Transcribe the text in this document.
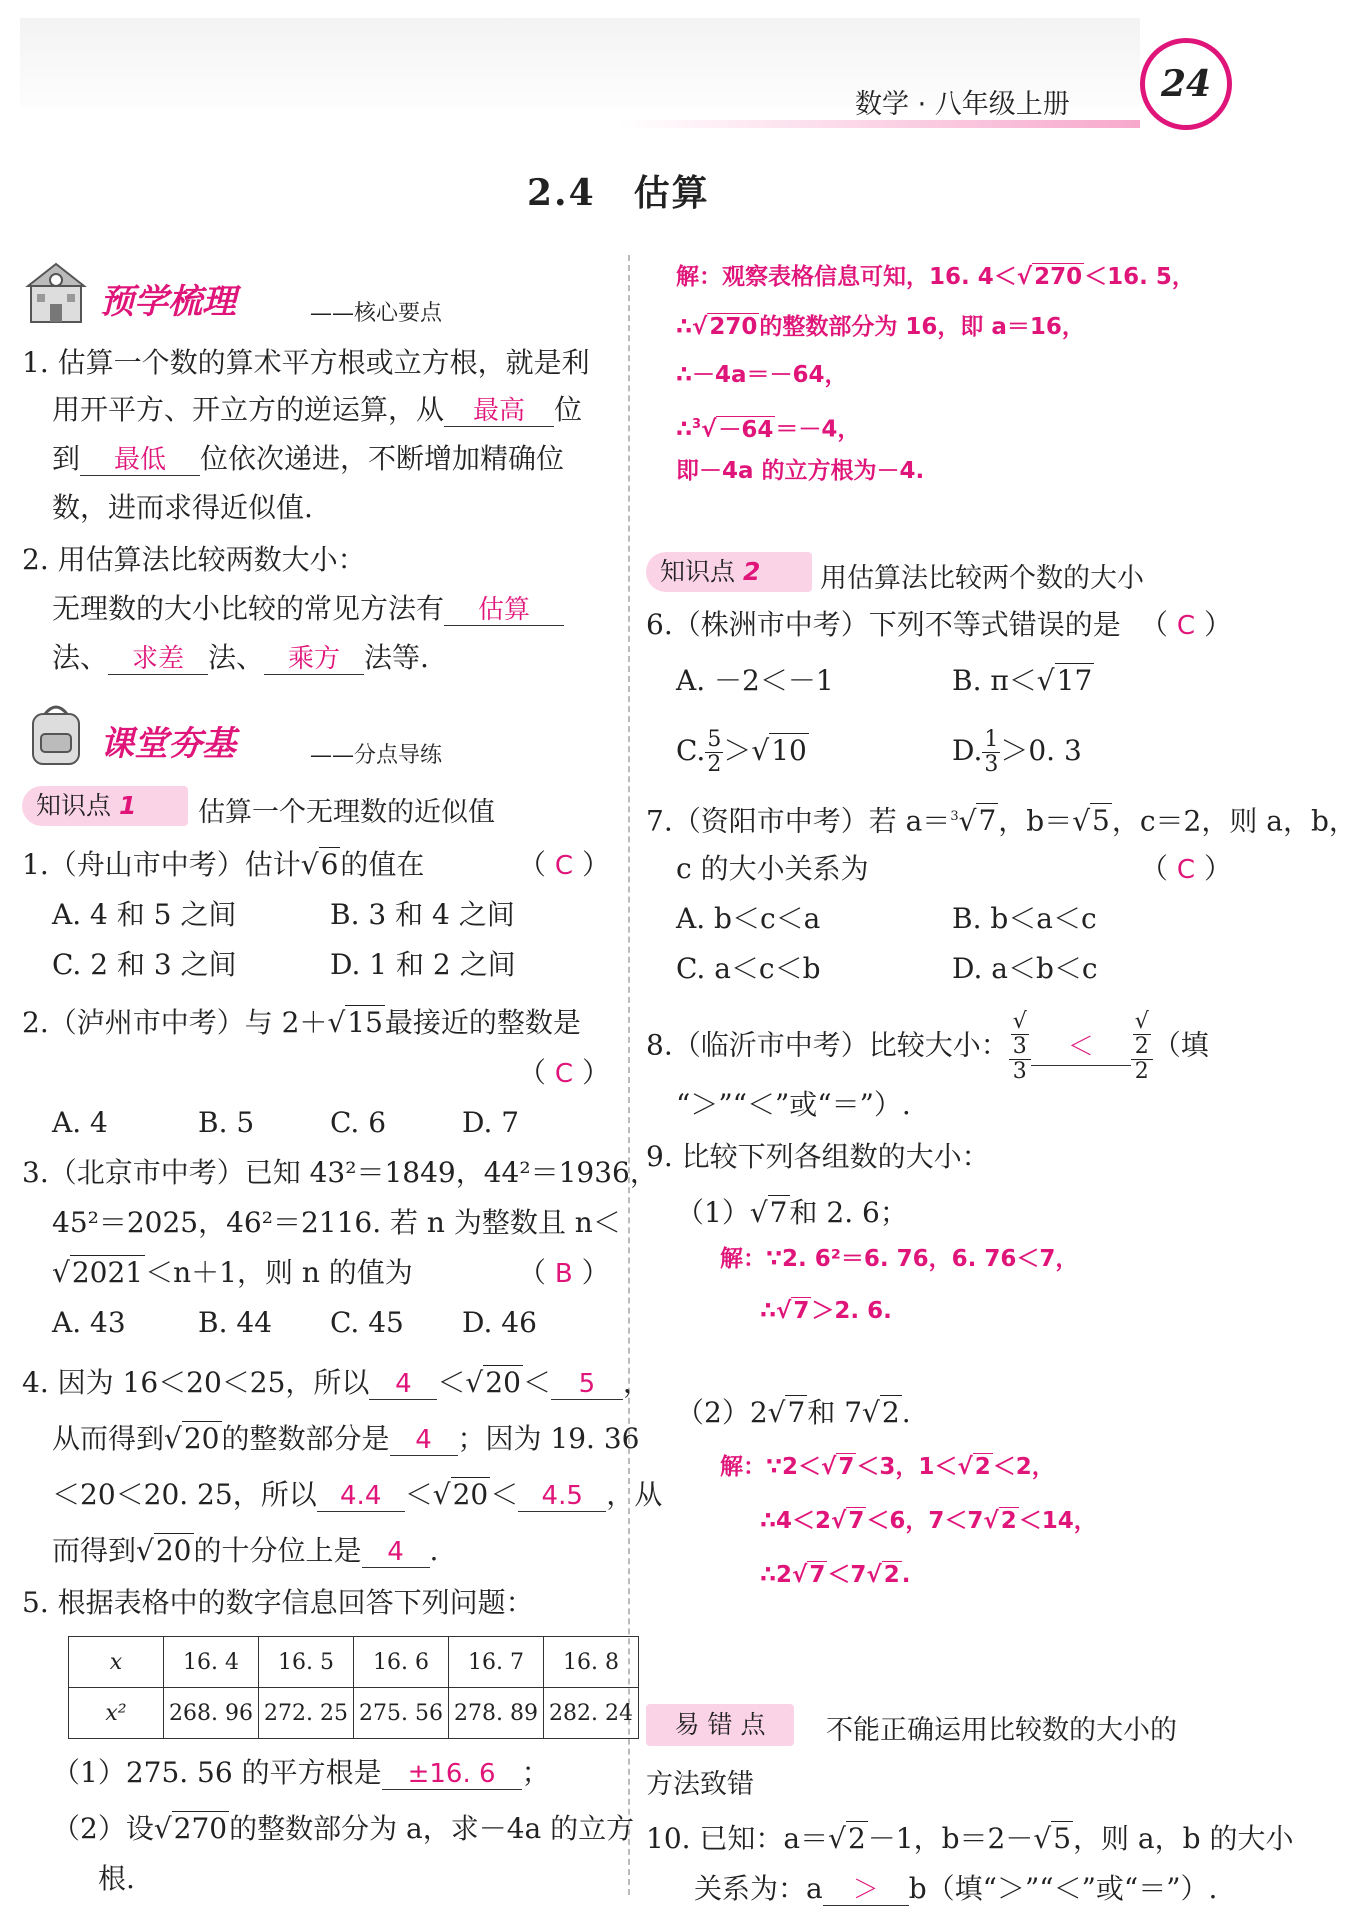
数学 · 八年级上册	24
2.4　估算
预学梳理	——核心要点
1. 估算一个数的算术平方根或立方根，就是利
用开平方、开立方的逆运算，从 最高 位
到 最低 位依次递进，不断增加精确位
数，进而求得近似值.
2. 用估算法比较两数大小：
无理数的大小比较的常见方法有 估算
法、 求差 法、 乘方 法等.
课堂夯基	——分点导练
知识点 1	估算一个无理数的近似值
1.（舟山市中考）估计√6的值在	（ C ）
A. 4 和 5 之间	B. 3 和 4 之间
C. 2 和 3 之间	D. 1 和 2 之间
2.（泸州市中考）与 2＋√15最接近的整数是
（ C ）
A. 4	B. 5	C. 6	D. 7
3.（北京市中考）已知 43²＝1849，44²＝1936，
45²＝2025，46²＝2116. 若 n 为整数且 n＜
√2021＜n＋1，则 n 的值为	（ B ）
A. 43	B. 44 C. 45 D. 46
4. 因为 16＜20＜25，所以 4 ＜√20＜ 5 ，
从而得到√20的整数部分是 4 ；因为 19. 36
＜20＜20. 25，所以 4.4 ＜√20＜ 4.5 ，从
而得到√20的十分位上是 4 .
5. 根据表格中的数字信息回答下列问题：
x	16. 4	16. 5	16. 6	16. 7	16. 8
x²	268. 96	272. 25	275. 56	278. 89	282. 24
（1）275. 56 的平方根是 ±16. 6 ；
（2）设√270的整数部分为 a，求－4a 的立方
根.
解：观察表格信息可知，16. 4＜√270＜16. 5，
∴√270的整数部分为 16，即 a＝16，
∴－4a＝－64，
∴$^3$√－64＝－4，
即－4a 的立方根为－4.
知识点 2	用估算法比较两个数的大小
6.（株洲市中考）下列不等式错误的是 （ C ）
A. －2＜－1	B. π＜√17
C. $\frac{5}{2} >√10$	D. $\frac{1}{3} >0$. 3
7.（资阳市中考）若 a＝$^3$√7，b＝√5，c＝2，则 a，b，
c 的大小关系为	（ C ）
A. b＜c＜a	B. b＜a＜c
C. a＜c＜b	D. a＜b＜c
8.（临沂市中考）比较大小： √
3
3 ＜ √
2
2 （填
“＞”“＜”或“＝”）.
9. 比较下列各组数的大小：
（1）√7和 2. 6；
解：∵2. 6²＝6. 76，6. 76＜7，
∴√7＞2. 6.
（2）2√7和 7√2.
解：∵2＜√7＜3，1＜√2＜2，
∴4＜2√7＜6，7＜7√2＜14，
∴2√7＜7√2.
易 错 点	不能正确运用比较数的大小的
方法致错
10. 已知：a＝√2－1，b＝2－√5，则 a，b 的大小
关系为：a ＞ b（填“＞”“＜”或“＝”）.
